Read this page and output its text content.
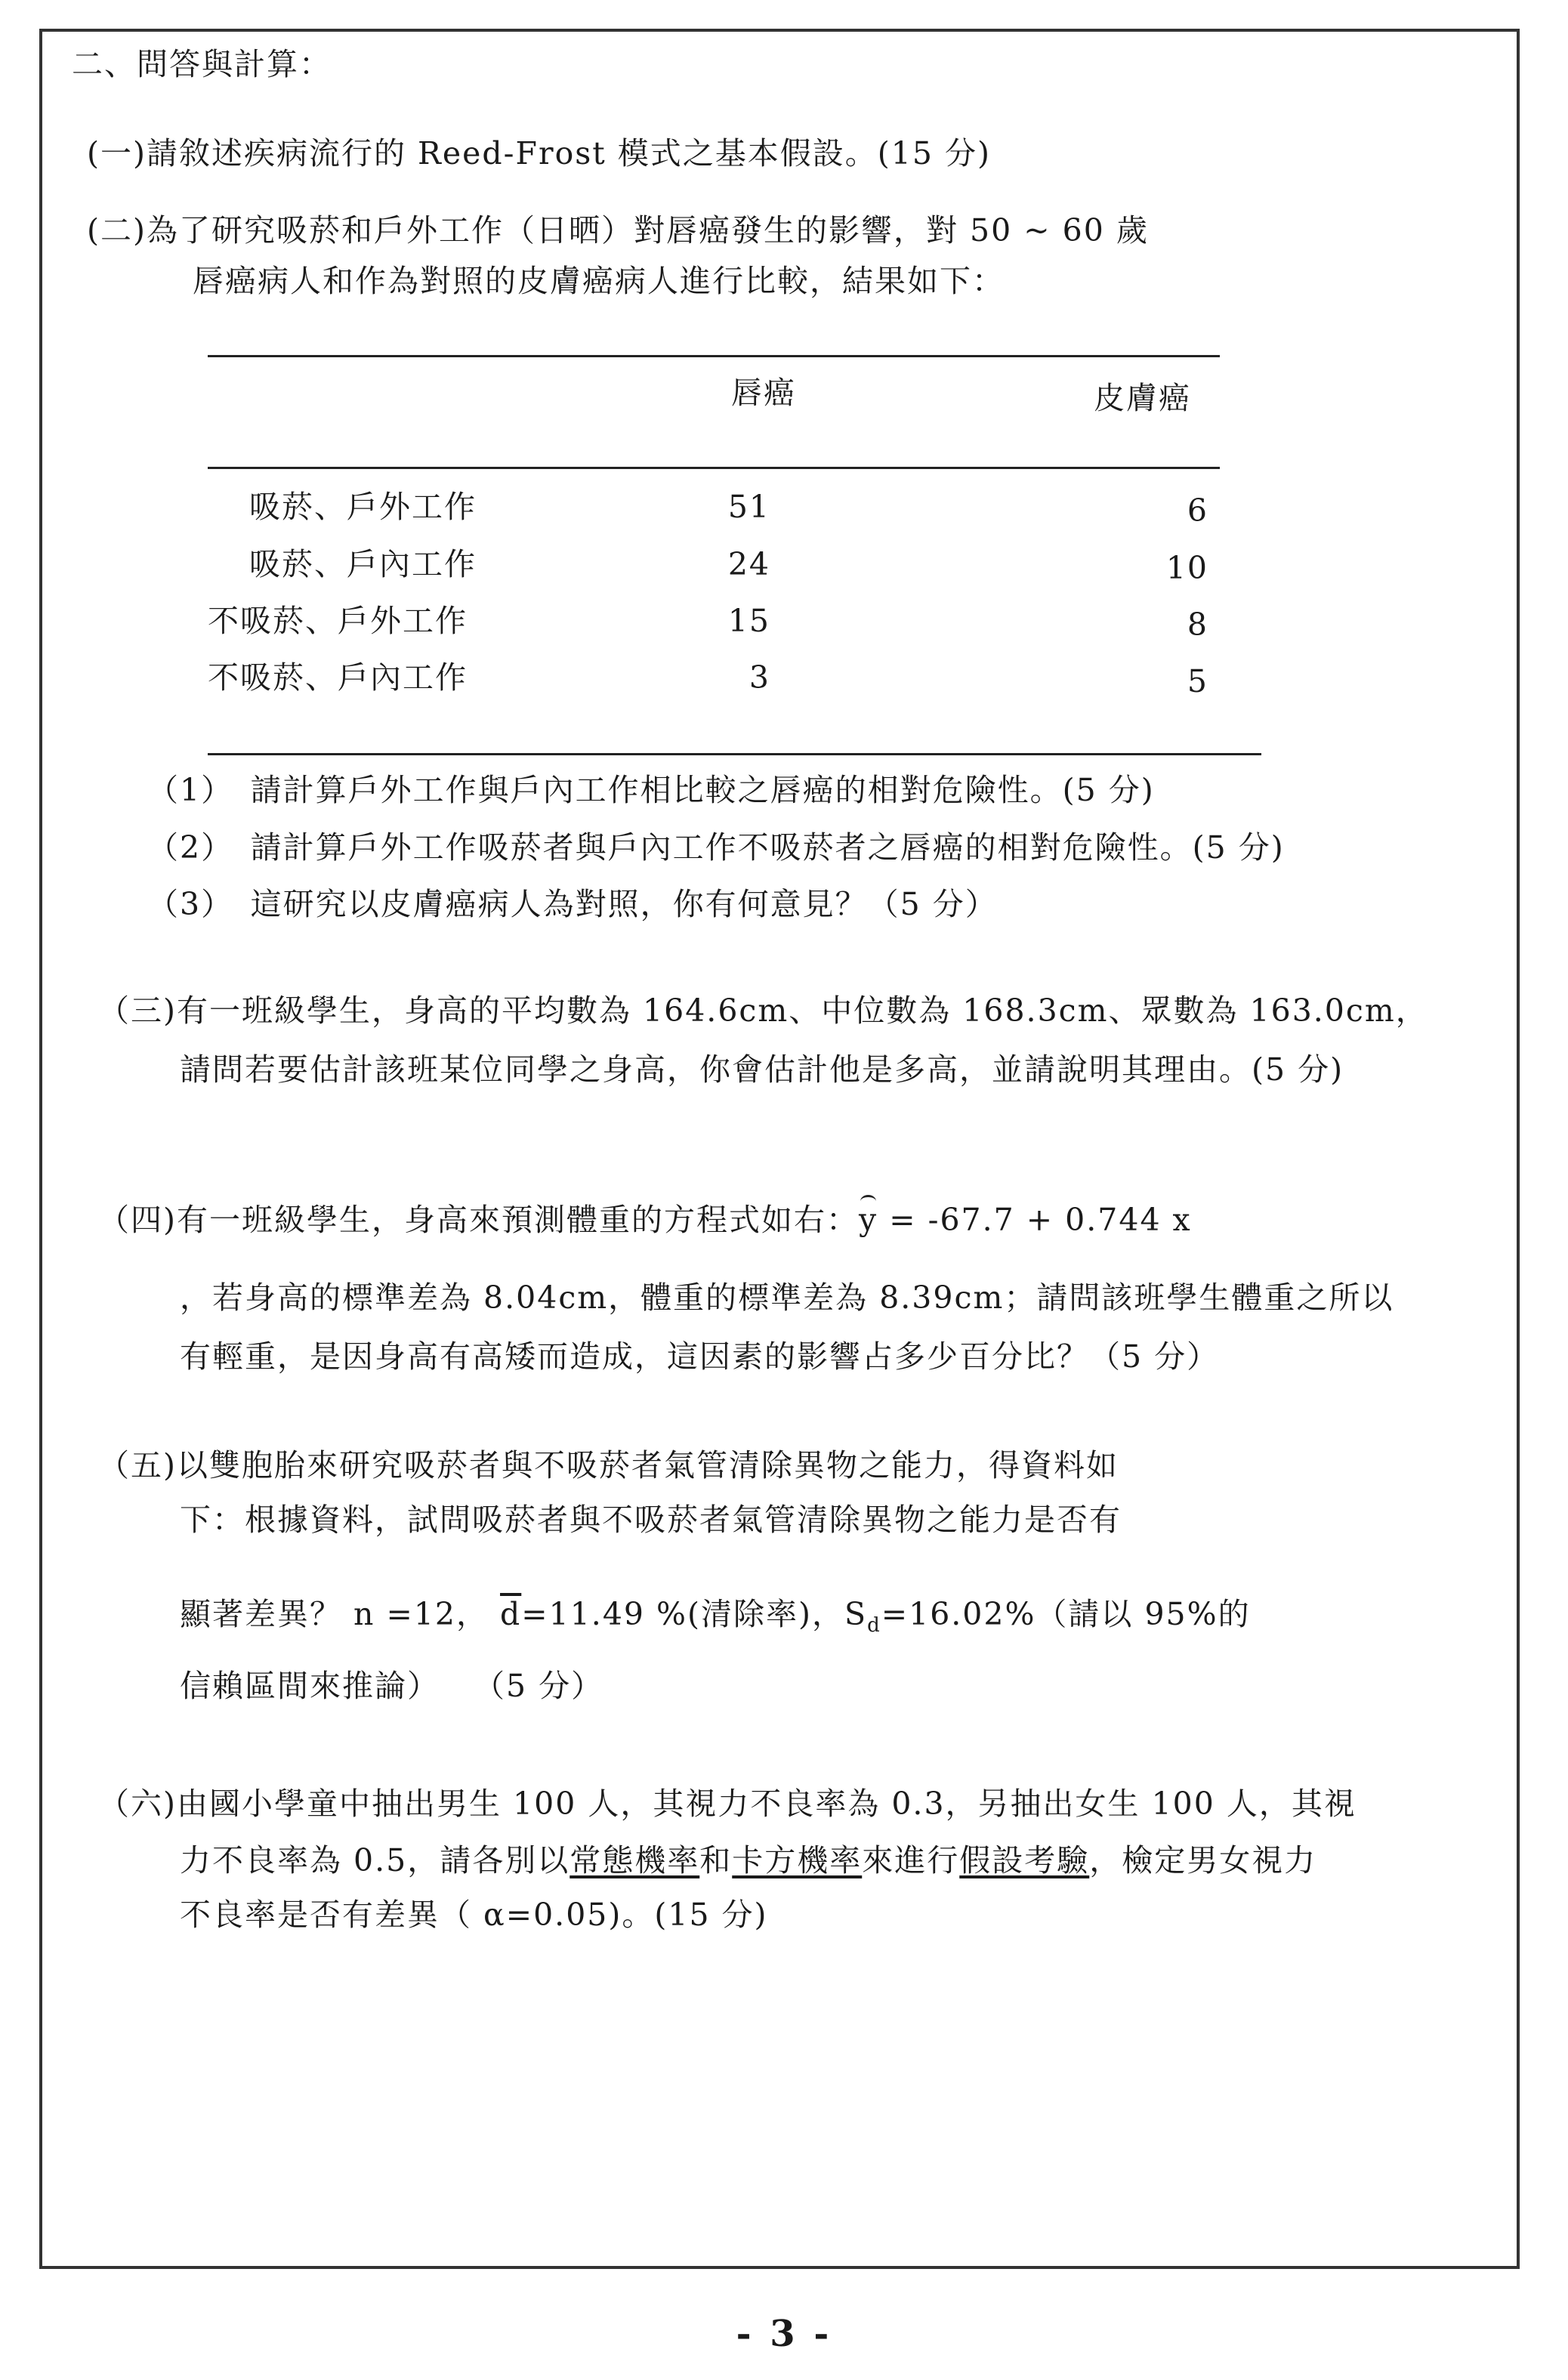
二、問答與計算：
(一)請敘述疾病流行的 Reed-Frost 模式之基本假設。(15 分)
(二)為了研究吸菸和戶外工作（日晒）對唇癌發生的影響，對 50 ~ 60 歲
唇癌病人和作為對照的皮膚癌病人進行比較，結果如下：
唇癌	皮膚癌
吸菸、戶外工作	51	6
吸菸、戶內工作	24	10
不吸菸、戶外工作	15	8
不吸菸、戶內工作	3	5
（1）　請計算戶外工作與戶內工作相比較之唇癌的相對危險性。(5 分)
（2）　請計算戶外工作吸菸者與戶內工作不吸菸者之唇癌的相對危險性。(5 分)
（3）　這研究以皮膚癌病人為對照，你有何意見？（5 分）
（三)有一班級學生，身高的平均數為 164.6cm、中位數為 168.3cm、眾數為 163.0cm，
請問若要估計該班某位同學之身高，你會估計他是多高，並請說明其理由。(5 分)
（四)有一班級學生，身高來預測體重的方程式如右：y = -67.7 + 0.744 x
，若身高的標準差為 8.04cm，體重的標準差為 8.39cm；請問該班學生體重之所以
有輕重，是因身高有高矮而造成，這因素的影響占多少百分比？（5 分）
（五)以雙胞胎來研究吸菸者與不吸菸者氣管清除異物之能力，得資料如
下：根據資料，試問吸菸者與不吸菸者氣管清除異物之能力是否有
顯著差異？ n =12， $\overline{d}=11.49$ %(清除率)，$S_d=16.02\%$（請以 95%的
信賴區間來推論）　　（5 分）
（六)由國小學童中抽出男生 100 人，其視力不良率為 0.3，另抽出女生 100 人，其視
力不良率為 0.5，請各別以常態機率和卡方機率來進行假設考驗，檢定男女視力
不良率是否有差異（ α=0.05)。(15 分)
- 3 -
